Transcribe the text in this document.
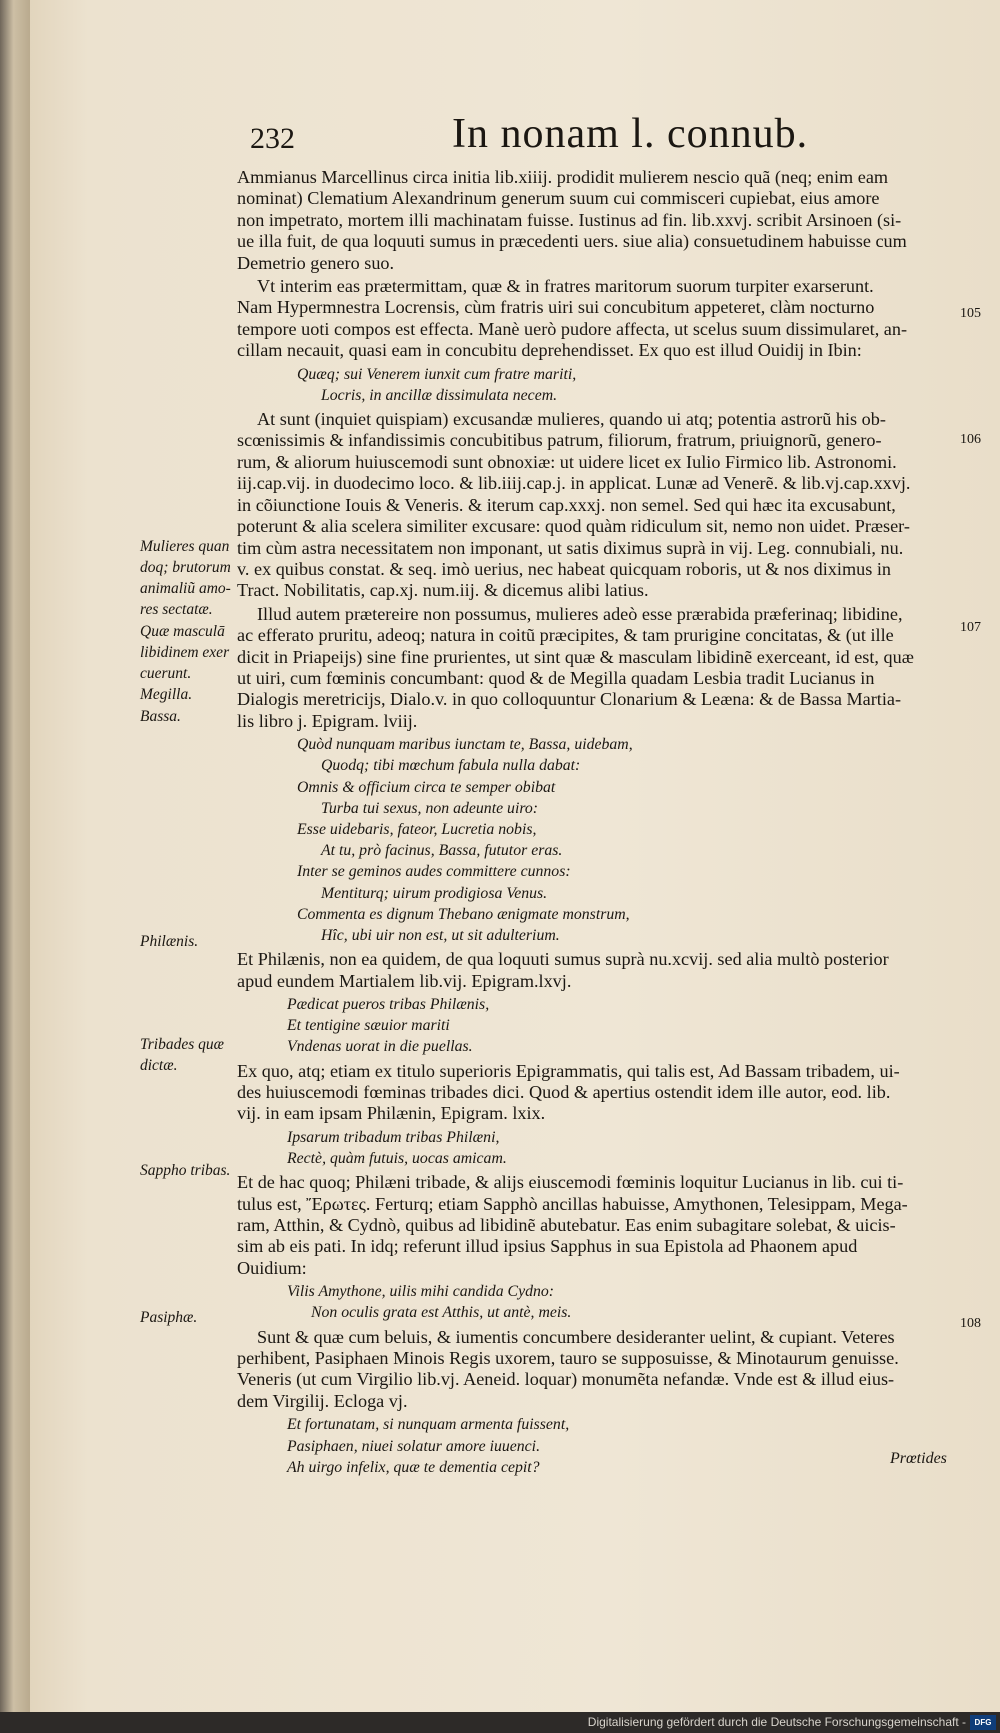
232	In nonam l. connub.
Mulieres quan
doq; brutorum
animaliũ amo-
res sectatæ.
Quæ masculā
libidinem exer
cuerunt.
Megilla.
Bassa.
Philænis.
Tribades quæ
dictæ.
Sappho tribas.
Pasiphæ.
105
106
107
108
Ammianus Marcellinus circa initia lib.xiiij. prodidit mulierem nescio quã (neq; enim eam
nominat) Clematium Alexandrinum generum suum cui commisceri cupiebat, eius amore
non impetrato, mortem illi machinatam fuisse. Iustinus ad fin. lib.xxvj. scribit Arsinoen (si-
ue illa fuit, de qua loquuti sumus in præcedenti uers. siue alia) consuetudinem habuisse cum
Demetrio genero suo.
Vt interim eas prætermittam, quæ & in fratres maritorum suorum turpiter exarserunt.
Nam Hypermnestra Locrensis, cùm fratris uiri sui concubitum appeteret, clàm nocturno
tempore uoti compos est effecta. Manè uerò pudore affecta, ut scelus suum dissimularet, an-
cillam necauit, quasi eam in concubitu deprehendisset. Ex quo est illud Ouidij in Ibin:
Quæq; sui Venerem iunxit cum fratre mariti,
Locris, in ancillæ dissimulata necem.
At sunt (inquiet quispiam) excusandæ mulieres, quando ui atq; potentia astrorũ his ob-
scœnissimis & infandissimis concubitibus patrum, filiorum, fratrum, priuignorũ, genero-
rum, & aliorum huiuscemodi sunt obnoxiæ: ut uidere licet ex Iulio Firmico lib. Astronomi.
iij.cap.vij. in duodecimo loco. & lib.iiij.cap.j. in applicat. Lunæ ad Venerẽ. & lib.vj.cap.xxvj.
in cõiunctione Iouis & Veneris. & iterum cap.xxxj. non semel. Sed qui hæc ita excusabunt,
poterunt & alia scelera similiter excusare: quod quàm ridiculum sit, nemo non uidet. Præser-
tim cùm astra necessitatem non imponant, ut satis diximus suprà in vij. Leg. connubiali, nu.
v. ex quibus constat. & seq. imò uerius, nec habeat quicquam roboris, ut & nos diximus in
Tract. Nobilitatis, cap.xj. num.iij. & dicemus alibi latius.
Illud autem prætereire non possumus, mulieres adeò esse prærabida præferinaq; libidine,
ac efferato pruritu, adeoq; natura in coitũ præcipites, & tam prurigine concitatas, & (ut ille
dicit in Priapeijs) sine fine prurientes, ut sint quæ & masculam libidinẽ exerceant, id est, quæ
ut uiri, cum fœminis concumbant: quod & de Megilla quadam Lesbia tradit Lucianus in
Dialogis meretricijs, Dialo.v. in quo colloquuntur Clonarium & Leæna: & de Bassa Martia-
lis libro j. Epigram. lviij.
Quòd nunquam maribus iunctam te, Bassa, uidebam,
Quodq; tibi mœchum fabula nulla dabat:
Omnis & officium circa te semper obibat
Turba tui sexus, non adeunte uiro:
Esse uidebaris, fateor, Lucretia nobis,
At tu, prò facinus, Bassa, fututor eras.
Inter se geminos audes committere cunnos:
Mentiturq; uirum prodigiosa Venus.
Commenta es dignum Thebano ænigmate monstrum,
Hîc, ubi uir non est, ut sit adulterium.
Et Philænis, non ea quidem, de qua loquuti sumus suprà nu.xcvij. sed alia multò posterior
apud eundem Martialem lib.vij. Epigram.lxvj.
Pædicat pueros tribas Philænis,
Et tentigine sæuior mariti
Vndenas uorat in die puellas.
Ex quo, atq; etiam ex titulo superioris Epigrammatis, qui talis est, Ad Bassam tribadem, ui-
des huiuscemodi fœminas tribades dici. Quod & apertius ostendit idem ille autor, eod. lib.
vij. in eam ipsam Philænin, Epigram. lxix.
Ipsarum tribadum tribas Philæni,
Rectè, quàm futuis, uocas amicam.
Et de hac quoq; Philæni tribade, & alijs eiuscemodi fœminis loquitur Lucianus in lib. cui ti-
tulus est, Ἔρωτες. Ferturq; etiam Sapphò ancillas habuisse, Amythonen, Telesippam, Mega-
ram, Atthin, & Cydnò, quibus ad libidinẽ abutebatur. Eas enim subagitare solebat, & uicis-
sim ab eis pati. In idq; referunt illud ipsius Sapphus in sua Epistola ad Phaonem apud
Ouidium:
Vilis Amythone, uilis mihi candida Cydno:
Non oculis grata est Atthis, ut antè, meis.
Sunt & quæ cum beluis, & iumentis concumbere desideranter uelint, & cupiant. Veteres
perhibent, Pasiphaen Minois Regis uxorem, tauro se supposuisse, & Minotaurum genuisse.
Veneris (ut cum Virgilio lib.vj. Aeneid. loquar) monumẽta nefandæ. Vnde est & illud eius-
dem Virgilij. Ecloga vj.
Et fortunatam, si nunquam armenta fuissent,
Pasiphaen, niuei solatur amore iuuenci.
Ah uirgo infelix, quæ te dementia cepit?
Prœtides
Digitalisierung gefördert durch die Deutsche Forschungsgemeinschaft -	DFG
